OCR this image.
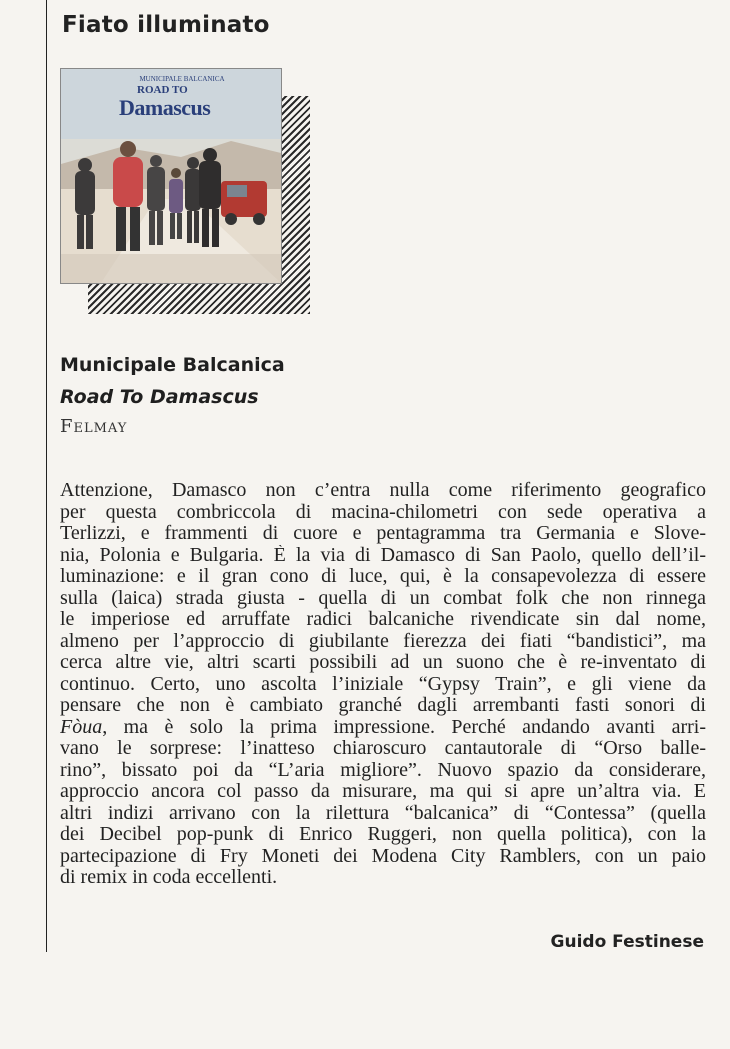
Fiato illuminato
MUNICIPALE BALCANICA
ROAD TO
Damascus
Municipale Balcanica
Road To Damascus
Felmay
Attenzione, Damasco non c’entra nulla come riferimento geografico
per questa combriccola di macina-chilometri con sede operativa a
Terlizzi, e frammenti di cuore e pentagramma tra Germania e Slove-
nia, Polonia e Bulgaria. È la via di Damasco di San Paolo, quello dell’il-
luminazione: e il gran cono di luce, qui, è la consapevolezza di essere
sulla (laica) strada giusta - quella di un combat folk che non rinnega
le imperiose ed arruffate radici balcaniche rivendicate sin dal nome,
almeno per l’approccio di giubilante fierezza dei fiati “bandistici”, ma
cerca altre vie, altri scarti possibili ad un suono che è re-inventato di
continuo. Certo, uno ascolta l’iniziale “Gypsy Train”, e gli viene da
pensare che non è cambiato granché dagli arrembanti fasti sonori di
Fòua, ma è solo la prima impressione. Perché andando avanti arri-
vano le sorprese: l’inatteso chiaroscuro cantautorale di “Orso balle-
rino”, bissato poi da “L’aria migliore”. Nuovo spazio da considerare,
approccio ancora col passo da misurare, ma qui si apre un’altra via. E
altri indizi arrivano con la rilettura “balcanica” di “Contessa” (quella
dei Decibel pop-punk di Enrico Ruggeri, non quella politica), con la
partecipazione di Fry Moneti dei Modena City Ramblers, con un paio
di remix in coda eccellenti.
Guido Festinese
